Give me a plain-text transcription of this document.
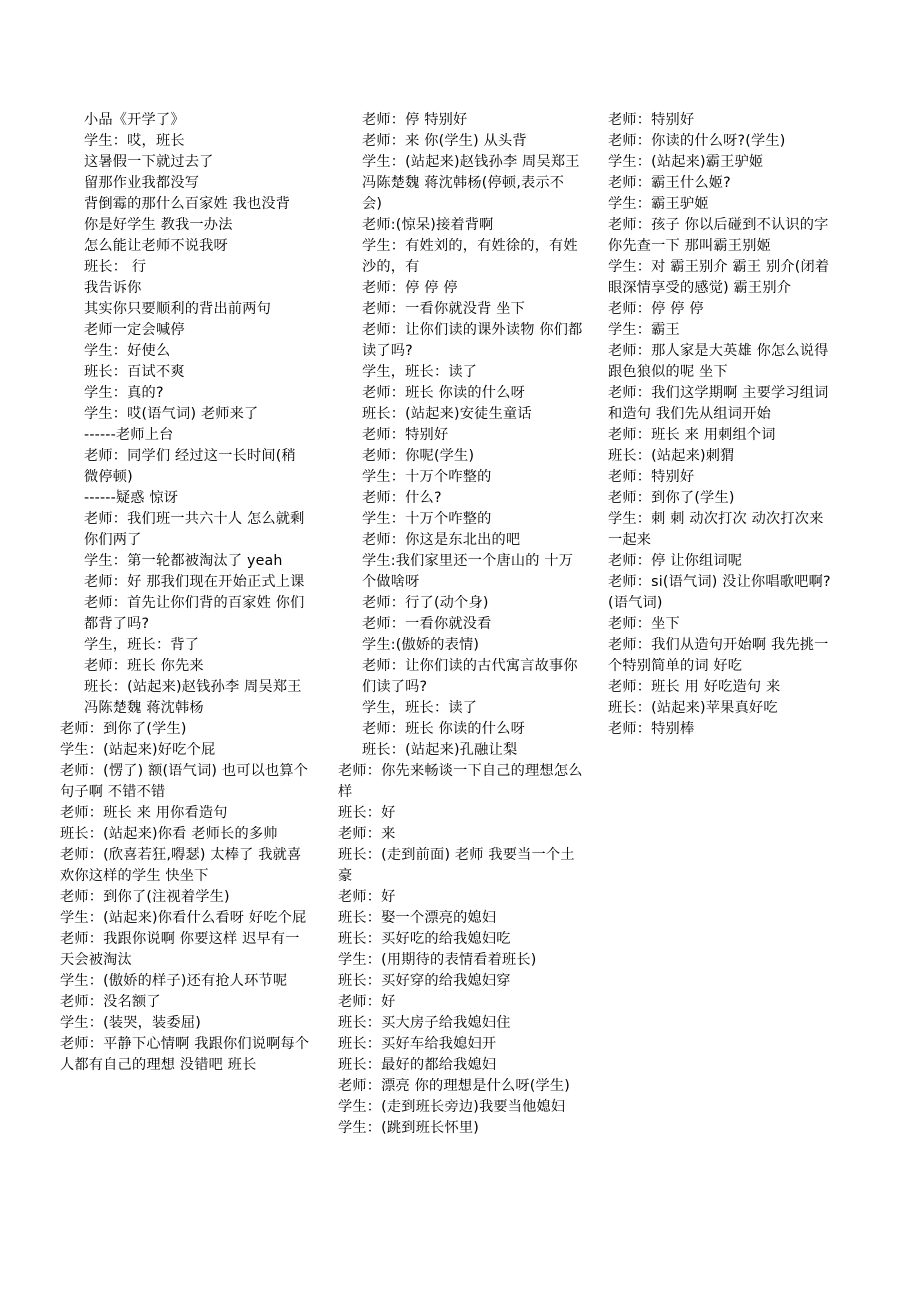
小品《开学了》

学生：哎，班长

这暑假一下就过去了

留那作业我都没写

背倒霉的那什么百家姓 我也没背

你是好学生 教我一办法

怎么能让老师不说我呀

班长： 行

我告诉你

其实你只要顺利的背出前两句

老师一定会喊停

学生：好使么

班长：百试不爽

学生：真的?

学生：哎(语气词) 老师来了

------老师上台

老师：同学们 经过这一长时间(稍微停顿)

------疑惑 惊讶

老师：我们班一共六十人 怎么就剩你们两了

学生：第一轮都被淘汰了 yeah

老师：好 那我们现在开始正式上课

老师：首先让你们背的百家姓 你们都背了吗?

学生，班长：背了

老师：班长 你先来

班长：(站起来)赵钱孙李 周吴郑王 冯陈楚魏 蒋沈韩杨

老师：到你了(学生)

学生：(站起来)好吃个屁

老师：(愣了) 额(语气词) 也可以也算个句子啊 不错不错

老师：班长 来 用你看造句

班长：(站起来)你看 老师长的多帅

老师：(欣喜若狂,嘚瑟) 太棒了 我就喜欢你这样的学生 快坐下

老师：到你了(注视着学生)

学生：(站起来)你看什么看呀 好吃个屁

老师：我跟你说啊 你要这样 迟早有一天会被淘汰

学生：(傲娇的样子)还有抢人环节呢

老师：没名额了

学生：(装哭，装委屈)

老师：平静下心情啊 我跟你们说啊每个人都有自己的理想 没错吧 班长

老师：停 特别好

老师：来 你(学生) 从头背

学生：(站起来)赵钱孙李 周吴郑王 冯陈楚魏 蒋沈韩杨(停顿,表示不会)

老师:(惊呆)接着背啊

学生：有姓刘的，有姓徐的，有姓沙的，有

老师：停 停 停

老师：一看你就没背 坐下

老师：让你们读的课外读物 你们都读了吗?

学生，班长：读了

老师：班长 你读的什么呀

班长：(站起来)安徒生童话

老师：特别好

老师：你呢(学生)

学生：十万个咋整的

老师：什么?

学生：十万个咋整的

老师：你这是东北出的吧

学生:我们家里还一个唐山的 十万个做啥呀

老师：行了(动个身)

老师：一看你就没看

学生:(傲娇的表情)

老师：让你们读的古代寓言故事你们读了吗?

学生，班长：读了

老师：班长 你读的什么呀

班长：(站起来)孔融让梨

老师：你先来畅谈一下自己的理想怎么样

班长：好

老师：来

班长：(走到前面) 老师 我要当一个土豪

老师：好

班长：娶一个漂亮的媳妇

班长：买好吃的给我媳妇吃

学生：(用期待的表情看着班长)

班长：买好穿的给我媳妇穿

老师：好

班长：买大房子给我媳妇住

班长：买好车给我媳妇开

班长：最好的都给我媳妇

老师：漂亮 你的理想是什么呀(学生)

学生：(走到班长旁边)我要当他媳妇

学生：(跳到班长怀里)

老师：特别好

老师：你读的什么呀?(学生)

学生：(站起来)霸王驴姬

老师：霸王什么姬?

学生：霸王驴姬

老师：孩子 你以后碰到不认识的字 你先查一下 那叫霸王别姬

学生：对 霸王别介 霸王 别介(闭着眼深情享受的感觉) 霸王别介

老师：停 停 停

学生：霸王

老师：那人家是大英雄 你怎么说得跟色狼似的呢 坐下

老师：我们这学期啊 主要学习组词和造句 我们先从组词开始

老师：班长 来 用刺组个词

班长：(站起来)刺猬

老师：特别好

老师：到你了(学生)

学生：刺 刺 动次打次 动次打次来 一起来

老师：停 让你组词呢

老师：si(语气词) 没让你唱歌吧啊?(语气词)

老师：坐下

老师：我们从造句开始啊 我先挑一个特别简单的词 好吃

老师：班长 用 好吃造句 来

班长：(站起来)苹果真好吃

老师：特别棒
